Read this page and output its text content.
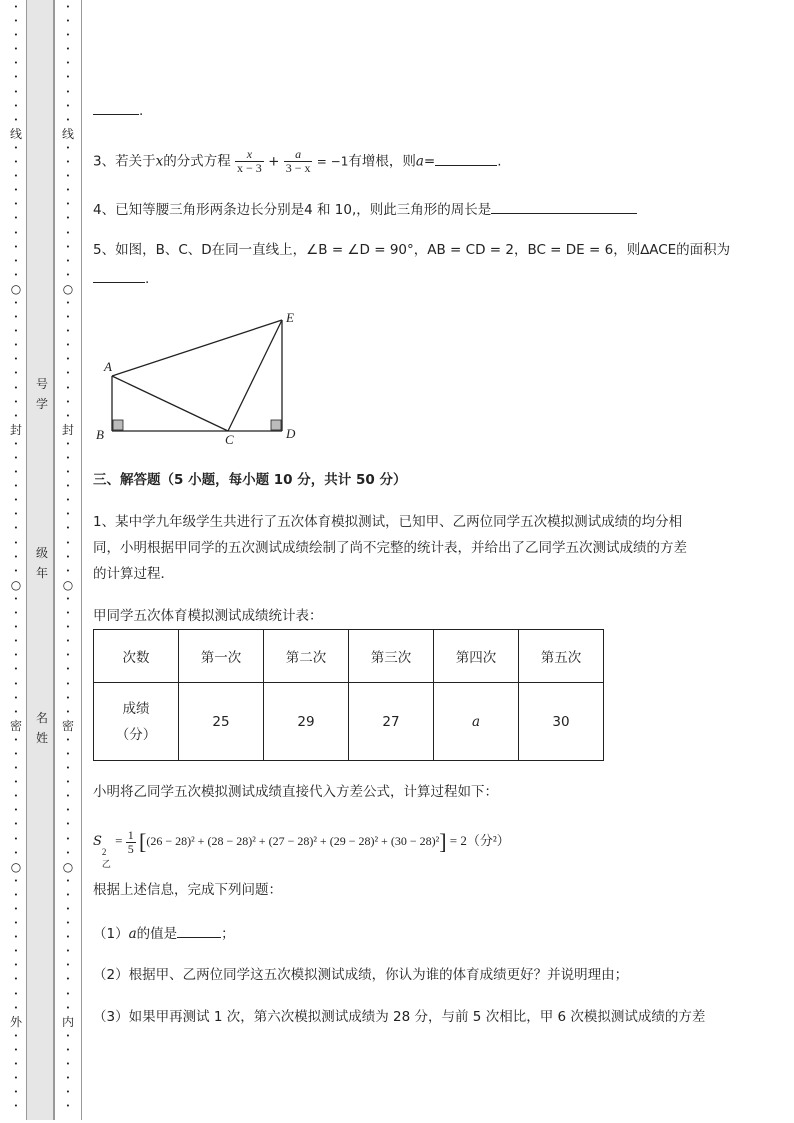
•
•
•
•
•
•
•
•
•
线
•
•
•
•
•
•
•
•
•
•
○
•
•
•
•
•
•
•
•
•
封
•
•
•
•
•
•
•
•
•
•
○
•
•
•
•
•
•
•
•
•
密
•
•
•
•
•
•
•
•
•
○
•
•
•
•
•
•
•
•
•
•
外
•
•
•
•
•
•
•
•
•
•
•
•
•
•
•
线
•
•
•
•
•
•
•
•
•
•
○
•
•
•
•
•
•
•
•
•
封
•
•
•
•
•
•
•
•
•
•
○
•
•
•
•
•
•
•
•
•
密
•
•
•
•
•
•
•
•
•
○
•
•
•
•
•
•
•
•
•
•
内
•
•
•
•
•
•
号
学
级
年
名
姓
.
3、若关于x的分式方程 $\frac{x}{x - 3} + \frac{a}{3 - x} = -1$有增根，则a=	.
4、已知等腰三角形两条边长分别是4 和 10,，则此三角形的周长是
5、如图，B、C、D在同一直线上，∠B = ∠D = 90°，AB = CD = 2，BC = DE = 6，则∆ACE的面积为
.
A
B	C	D
E
三、解答题（5 小题，每小题 10 分，共计 50 分）
1、某中学九年级学生共进行了五次体育模拟测试，已知甲、乙两位同学五次模拟测试成绩的均分相
同，小明根据甲同学的五次测试成绩绘制了尚不完整的统计表，并给出了乙同学五次测试成绩的方差
的计算过程．
甲同学五次体育模拟测试成绩统计表：
次数	第一次	第二次	第三次	第四次	第五次

成绩
（分）	25	29	27	a	30
小明将乙同学五次模拟测试成绩直接代入方差公式，计算过程如下：
S
2
乙
= $\frac{1}{5} [(26 - 28)^2 + (28 - 28)^2 + (27 - 28)^2 + (29 - 28)^2 + (30 - 28)^2] = 2$（分²）
根据上述信息，完成下列问题：
（1）a的值是	；
（2）根据甲、乙两位同学这五次模拟测试成绩，你认为谁的体育成绩更好？并说明理由；
（3）如果甲再测试 1 次，第六次模拟测试成绩为 28 分，与前 5 次相比，甲 6 次模拟测试成绩的方差
